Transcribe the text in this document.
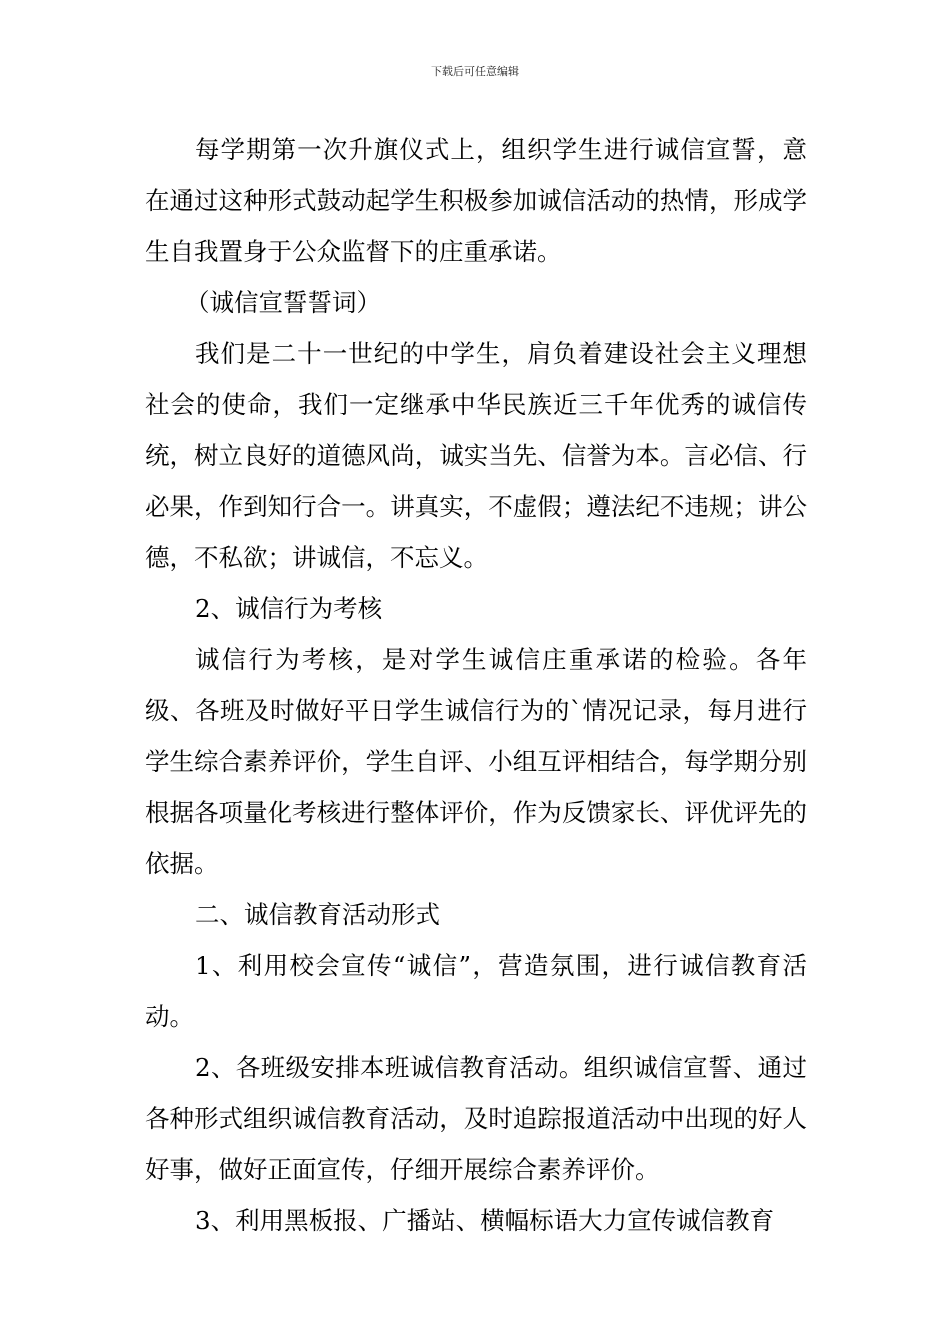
下载后可任意编辑

每学期第一次升旗仪式上，组织学生进行诚信宣誓，意在通过这种形式鼓动起学生积极参加诚信活动的热情，形成学生自我置身于公众监督下的庄重承诺。

（诚信宣誓誓词）

我们是二十一世纪的中学生，肩负着建设社会主义理想社会的使命，我们一定继承中华民族近三千年优秀的诚信传统，树立良好的道德风尚，诚实当先、信誉为本。言必信、行必果，作到知行合一。讲真实，不虚假；遵法纪不违规；讲公德，不私欲；讲诚信，不忘义。

2、诚信行为考核

诚信行为考核，是对学生诚信庄重承诺的检验。各年级、各班及时做好平日学生诚信行为的`情况记录，每月进行学生综合素养评价，学生自评、小组互评相结合，每学期分别根据各项量化考核进行整体评价，作为反馈家长、评优评先的依据。

二、诚信教育活动形式

1、利用校会宣传“诚信”，营造氛围，进行诚信教育活动。

2、各班级安排本班诚信教育活动。组织诚信宣誓、通过各种形式组织诚信教育活动，及时追踪报道活动中出现的好人好事，做好正面宣传，仔细开展综合素养评价。

3、利用黑板报、广播站、横幅标语大力宣传诚信教育
